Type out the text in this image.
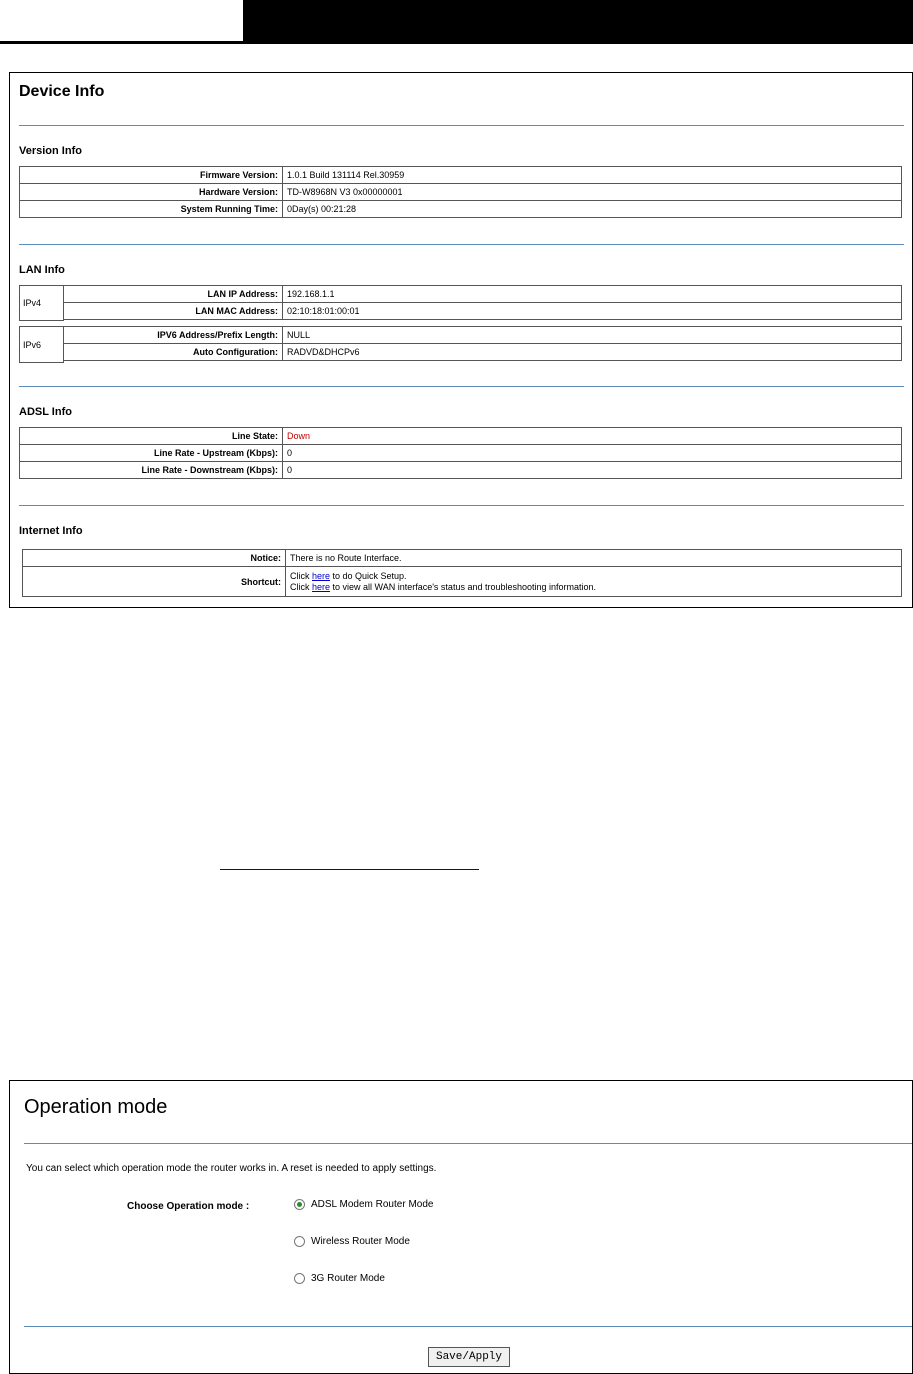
Device Info
Version Info
Firmware Version:	1.0.1 Build 131114 Rel.30959
Hardware Version:	TD-W8968N V3 0x00000001
System Running Time:	0Day(s) 00:21:28
LAN Info
IPv4
LAN IP Address:	192.168.1.1
LAN MAC Address:	02:10:18:01:00:01
IPv6
IPV6 Address/Prefix Length:	NULL
Auto Configuration:	RADVD&DHCPv6
ADSL Info
Line State:	Down
Line Rate - Upstream (Kbps):	0
Line Rate - Downstream (Kbps):	0
Internet Info
Notice:	There is no Route Interface.
Shortcut:	Click here to do Quick Setup.
Click here to view all WAN interface's status and troubleshooting information.
Operation mode
You can select which operation mode the router works in. A reset is needed to apply settings.
Choose Operation mode :	ADSL Modem Router Mode
Wireless Router Mode
3G Router Mode
Save/Apply
